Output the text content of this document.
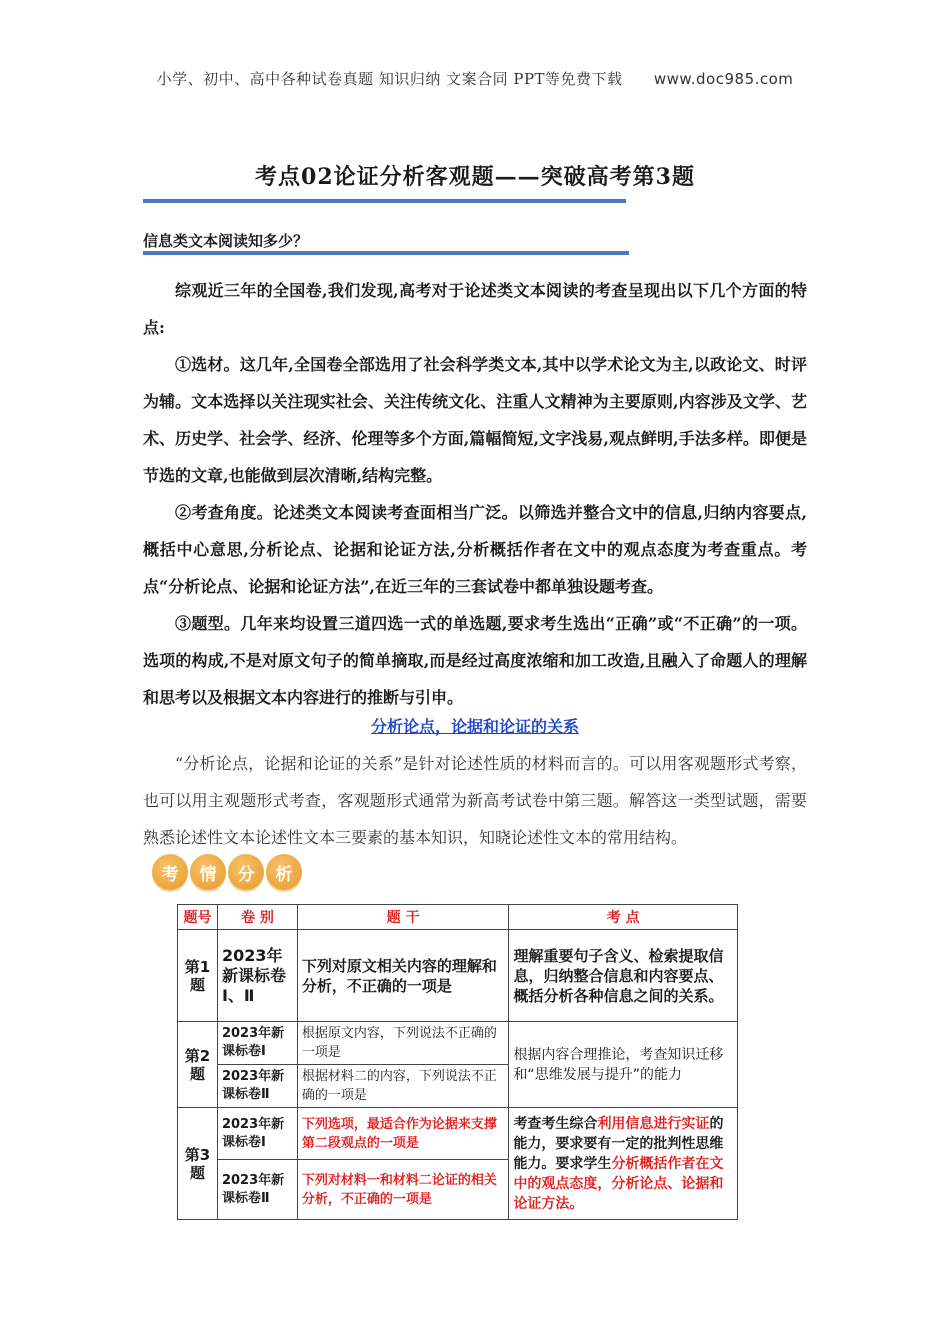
小学、初中、高中各种试卷真题 知识归纳 文案合同 PPT等免费下载 www.doc985.com
考点02论证分析客观题——突破高考第3题
信息类文本阅读知多少？

综观近三年的全国卷,我们发现,高考对于论述类文本阅读的考查呈现出以下几个方面的特点:

①选材。这几年,全国卷全部选用了社会科学类文本,其中以学术论文为主,以政论文、时评为辅。文本选择以关注现实社会、关注传统文化、注重人文精神为主要原则,内容涉及文学、艺术、历史学、社会学、经济、伦理等多个方面,篇幅简短,文字浅易,观点鲜明,手法多样。即便是节选的文章,也能做到层次清晰,结构完整。

②考查角度。论述类文本阅读考查面相当广泛。以筛选并整合文中的信息,归纳内容要点,概括中心意思,分析论点、论据和论证方法,分析概括作者在文中的观点态度为考查重点。考点“分析论点、论据和论证方法”,在近三年的三套试卷中都单独设题考查。

③题型。几年来均设置三道四选一式的单选题,要求考生选出“正确”或“不正确”的一项。选项的构成,不是对原文句子的简单摘取,而是经过高度浓缩和加工改造,且融入了命题人的理解和思考以及根据文本内容进行的推断与引申。

分析论点，论据和论证的关系

“分析论点，论据和论证的关系”是针对论述性质的材料而言的。可以用客观题形式考察，也可以用主观题形式考查，客观题形式通常为新高考试卷中第三题。解答这一类型试题，需要熟悉论述性文本论述性文本三要素的基本知识，知晓论述性文本的常用结构。

考	情	分	析
题号	卷 别	题 干	考 点
第1题	2023年新课标卷Ⅰ、Ⅱ	下列对原文相关内容的理解和分析，不正确的一项是	理解重要句子含义、检索提取信息，归纳整合信息和内容要点、概括分析各种信息之间的关系。
第2题	2023年新课标卷Ⅰ	根据原文内容，下列说法不正确的一项是	根据内容合理推论，考查知识迁移和“思维发展与提升”的能力
	2023年新课标卷Ⅱ	根据材料二的内容，下列说法不正确的一项是	
第3题	2023年新课标卷Ⅰ	下列选项，最适合作为论据来支撑第二段观点的一项是	考查考生综合利用信息进行实证的能力，要求要有一定的批判性思维能力。要求学生分析概括作者在文中的观点态度，分析论点、论据和论证方法。
	2023年新课标卷Ⅱ	下列对材料一和材料二论证的相关分析，不正确的一项是	
